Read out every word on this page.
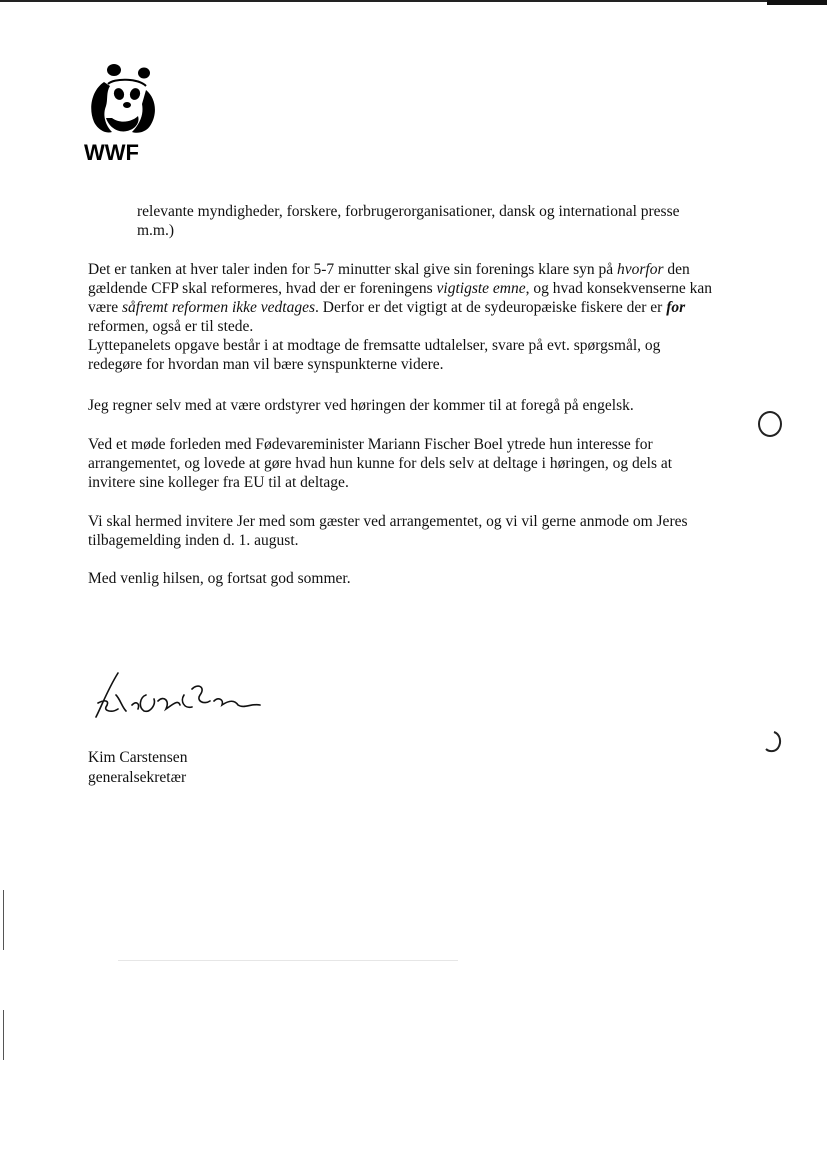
WWF

relevante myndigheder, forskere, forbrugerorganisationer, dansk og international presse
m.m.)

Det er tanken at hver taler inden for 5-7 minutter skal give sin forenings klare syn på hvorfor den
gældende CFP skal reformeres, hvad der er foreningens vigtigste emne, og hvad konsekvenserne kan
være såfremt reformen ikke vedtages. Derfor er det vigtigt at de sydeuropæiske fiskere der er for
reformen, også er til stede.
Lyttepanelets opgave består i at modtage de fremsatte udtalelser, svare på evt. spørgsmål, og
redegøre for hvordan man vil bære synspunkterne videre.

Jeg regner selv med at være ordstyrer ved høringen der kommer til at foregå på engelsk.

Ved et møde forleden med Fødevareminister Mariann Fischer Boel ytrede hun interesse for
arrangementet, og lovede at gøre hvad hun kunne for dels selv at deltage i høringen, og dels at
invitere sine kolleger fra EU til at deltage.

Vi skal hermed invitere Jer med som gæster ved arrangementet, og vi vil gerne anmode om Jeres
tilbagemelding inden d. 1. august.

Med venlig hilsen, og fortsat god sommer.

Kim Carstensen
generalsekretær
